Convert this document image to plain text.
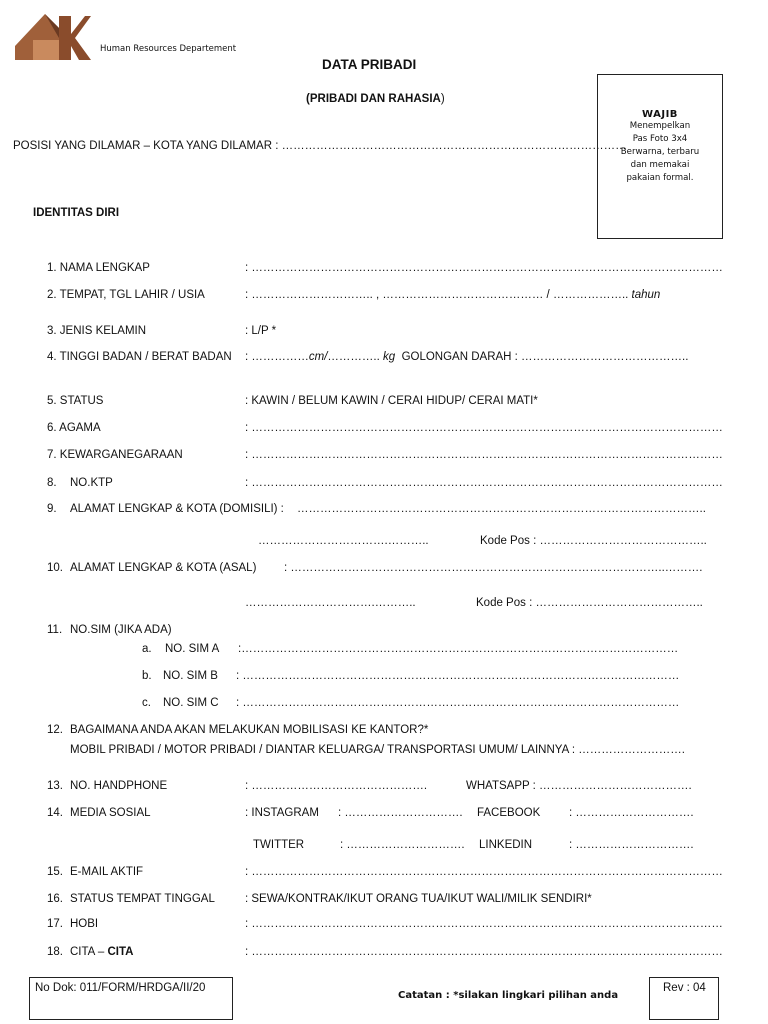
Human Resources Departement
DATA PRIBADI
(PRIBADI DAN RAHASIA)
POSISI YANG DILAMAR – KOTA YANG DILAMAR : ………………………………………………………………………………
WAJIB
Menempelkan
Pas Foto 3x4
Berwarna, terbaru
dan memakai
pakaian formal.
IDENTITAS DIRI
1. NAMA LENGKAP	: ……………………………………………………………………………………………………………
2. TEMPAT, TGL LAHIR / USIA	: ………………………….. , …………………………………… / ……………….. tahun
3. JENIS KELAMIN	: L/P *
4. TINGGI BADAN / BERAT BADAN : ……………cm/………….. kg GOLONGAN DARAH : ……………………………………..
5. STATUS	: KAWIN / BELUM KAWIN / CERAI HIDUP/ CERAI MATI*
6. AGAMA	: ……………………………………………………………………………………………………………
7. KEWARGANEGARAAN	: ……………………………………………………………………………………………………………
8. NO.KTP	: ……………………………………………………………………………………………………………
9. ALAMAT LENGKAP & KOTA (DOMISILI) : ……………………………………………………………………………………………..
…………………………….………..	Kode Pos : ……………………………………..
10. ALAMAT LENGKAP & KOTA (ASAL) : ……………………………………………………………………………………..……….
…………………………….………..	Kode Pos : ……………………………………..
11. NO.SIM (JIKA ADA)
a. NO. SIM A :……………………………………………………………………………………………………
b. NO. SIM B : ……………………………………………………………………………………………………
c. NO. SIM C : ……………………………………………………………………………………………………
12. BAGAIMANA ANDA AKAN MELAKUKAN MOBILISASI KE KANTOR?*
MOBIL PRIBADI / MOTOR PRIBADI / DIANTAR KELUARGA/ TRANSPORTASI UMUM/ LAINNYA : ……………………….
13. NO. HANDPHONE	: ……………………………………….	WHATSAPP : ………………………………….
14. MEDIA SOSIAL	: INSTAGRAM : …………………………. FACEBOOK : ………………………….
TWITTER	: …………………………. LINKEDIN	: ………………………….
15. E-MAIL AKTIF	: ……………………………………………………………………………………………………………
16. STATUS TEMPAT TINGGAL	: SEWA/KONTRAK/IKUT ORANG TUA/IKUT WALI/MILIK SENDIRI*
17. HOBI	: ……………………………………………………………………………………………………………
18. CITA – CITA	: ……………………………………………………………………………………………………………
No Dok: 011/FORM/HRDGA/II/20
Catatan : *silakan lingkari pilihan anda
Rev : 04
